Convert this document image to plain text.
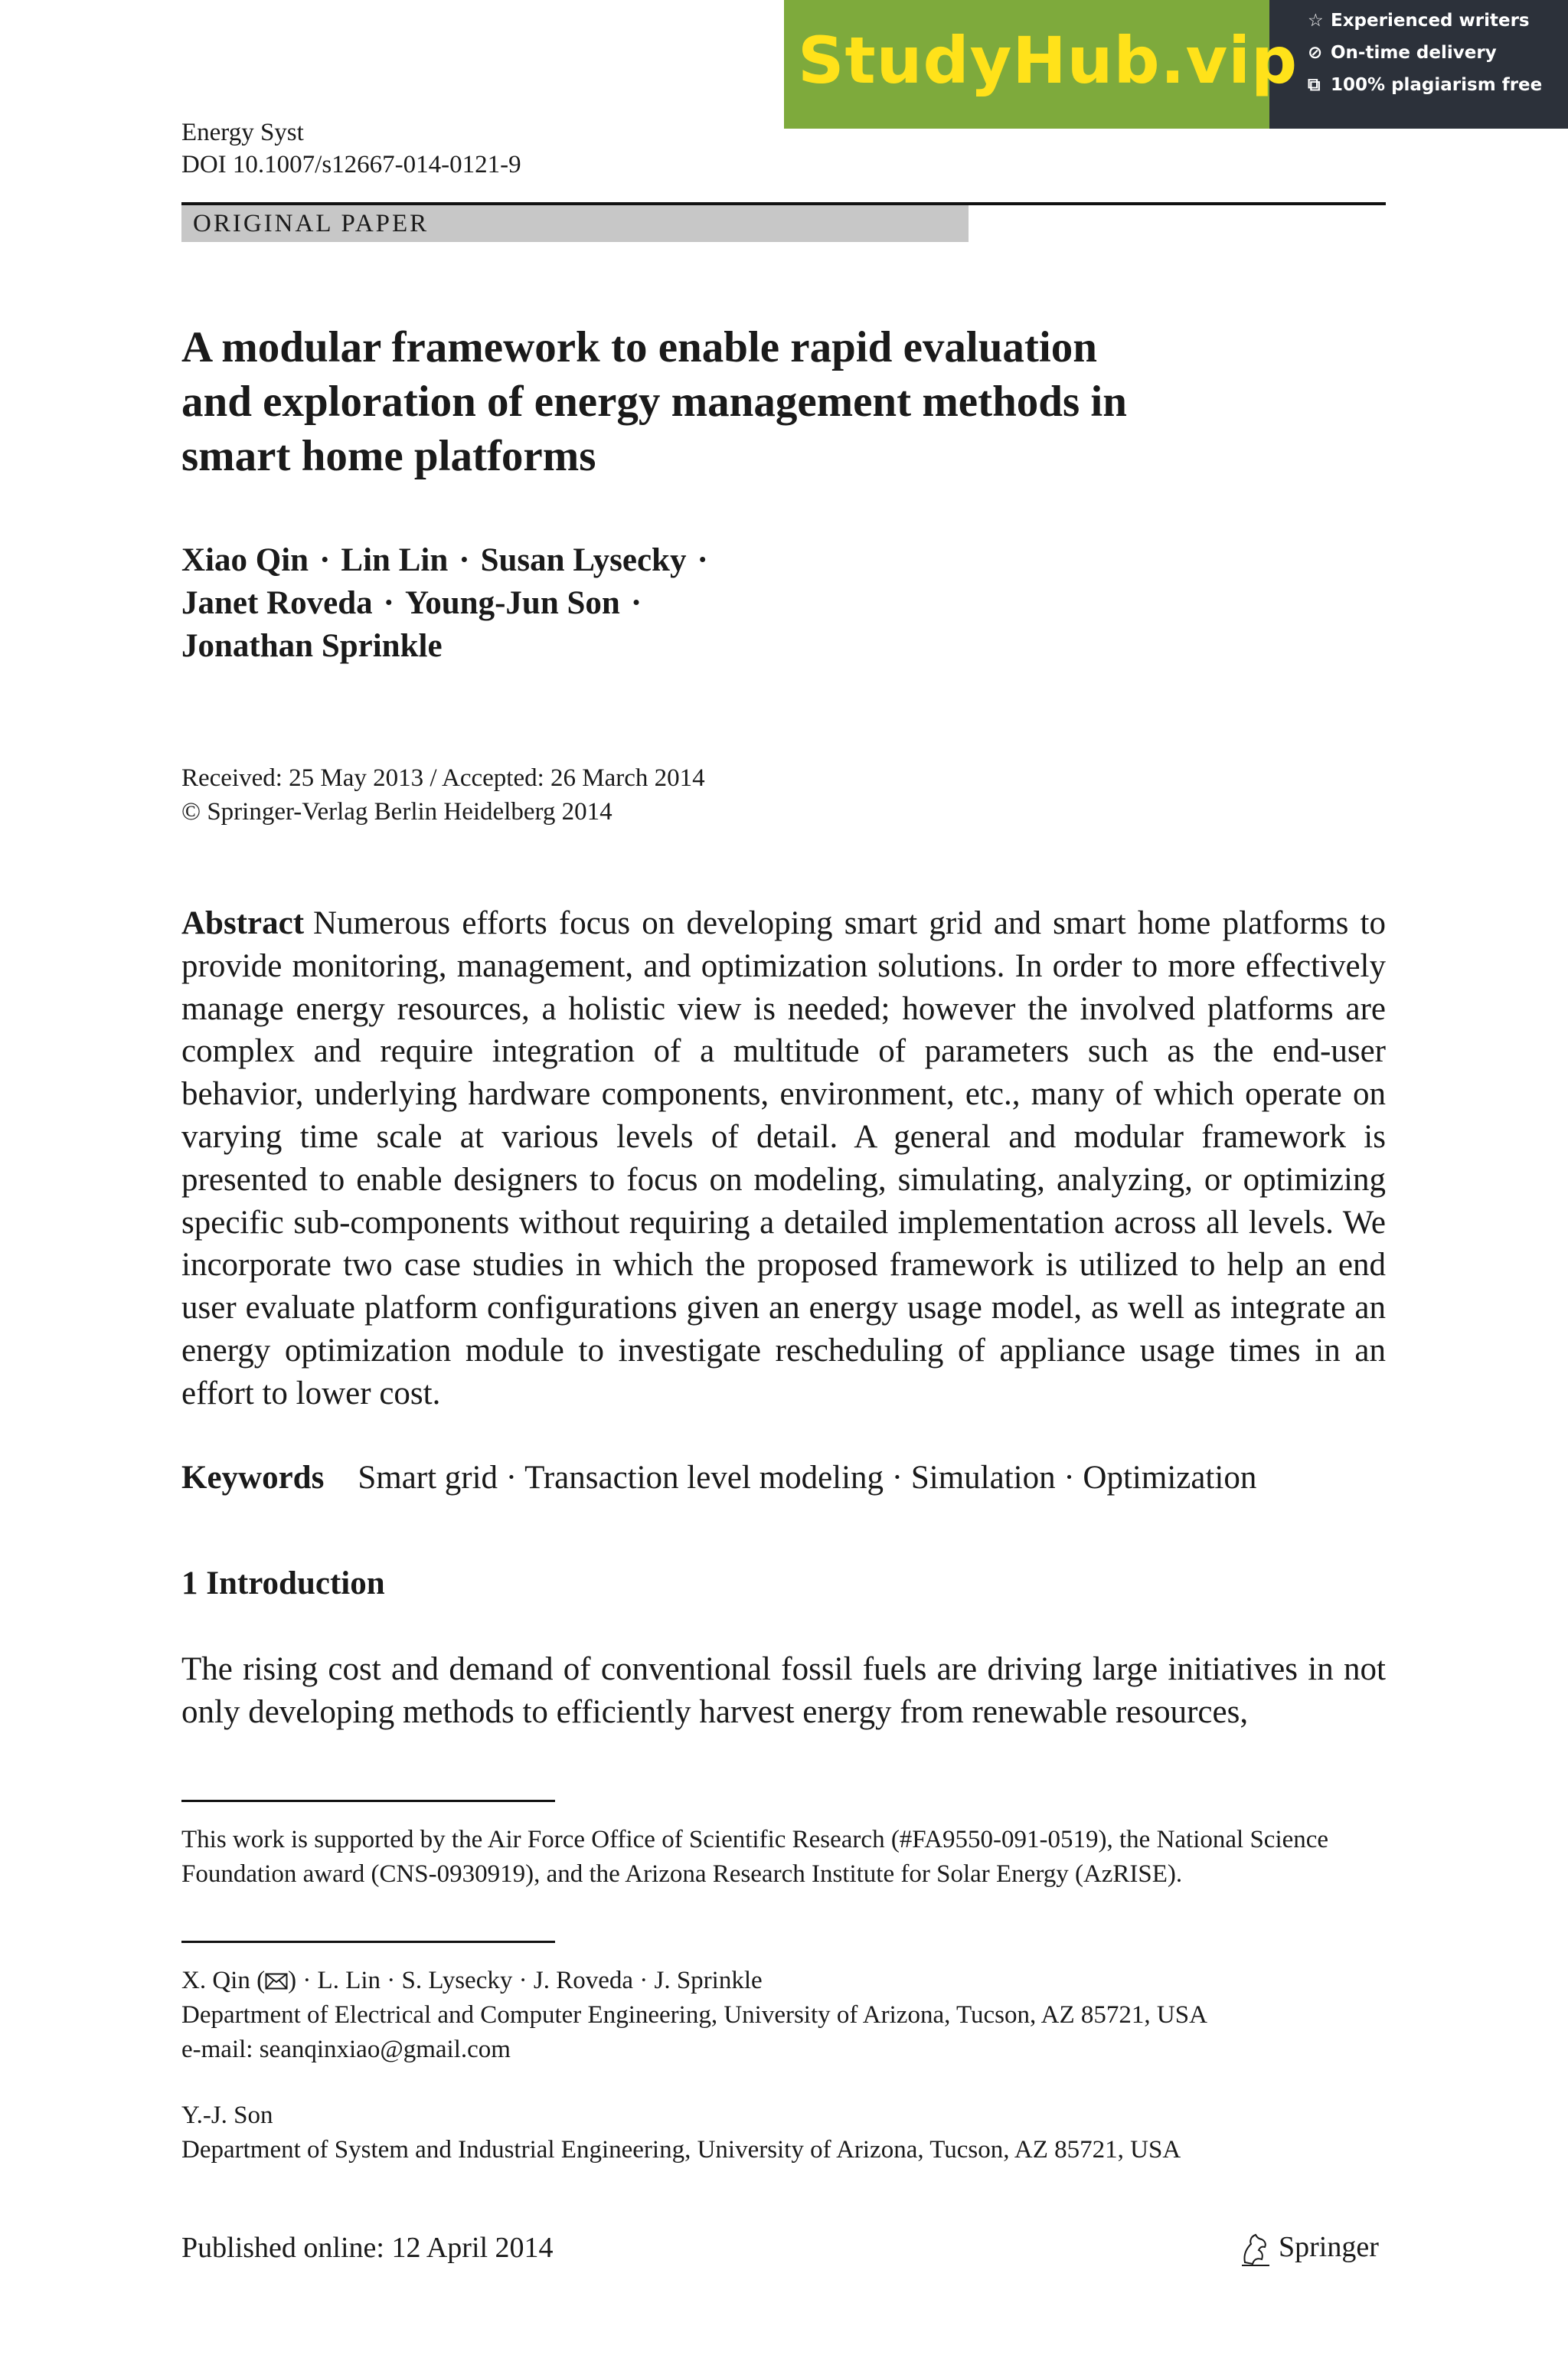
StudyHub.vip
☆ Experienced writers
⊘ On-time delivery
⧉ 100% plagiarism free
Energy Syst
DOI 10.1007/s12667-014-0121-9
ORIGINAL PAPER
A modular framework to enable rapid evaluation
and exploration of energy management methods in
smart home platforms
Xiao Qin · Lin Lin · Susan Lysecky ·
Janet Roveda · Young-Jun Son ·
Jonathan Sprinkle
Received: 25 May 2013 / Accepted: 26 March 2014
© Springer-Verlag Berlin Heidelberg 2014
Abstract Numerous efforts focus on developing smart grid and smart home platforms to provide monitoring, management, and optimization solutions. In order to more effectively manage energy resources, a holistic view is needed; however the involved platforms are complex and require integration of a multitude of parameters such as the end-user behavior, underlying hardware components, environment, etc., many of which operate on varying time scale at various levels of detail. A general and modular framework is presented to enable designers to focus on modeling, simulating, analyzing, or optimizing specific sub-components without requiring a detailed implementation across all levels. We incorporate two case studies in which the proposed framework is utilized to help an end user evaluate platform configurations given an energy usage model, as well as integrate an energy optimization module to investigate rescheduling of appliance usage times in an effort to lower cost.
Keywords Smart grid · Transaction level modeling · Simulation · Optimization
1 Introduction
The rising cost and demand of conventional fossil fuels are driving large initiatives in not only developing methods to efficiently harvest energy from renewable resources,
This work is supported by the Air Force Office of Scientific Research (#FA9550-091-0519), the National Science Foundation award (CNS-0930919), and the Arizona Research Institute for Solar Energy (AzRISE).
X. Qin ( ) · L. Lin · S. Lysecky · J. Roveda · J. Sprinkle
Department of Electrical and Computer Engineering, University of Arizona, Tucson, AZ 85721, USA
e-mail: seanqinxiao@gmail.com
Y.-J. Son
Department of System and Industrial Engineering, University of Arizona, Tucson, AZ 85721, USA
Published online: 12 April 2014	Springer
